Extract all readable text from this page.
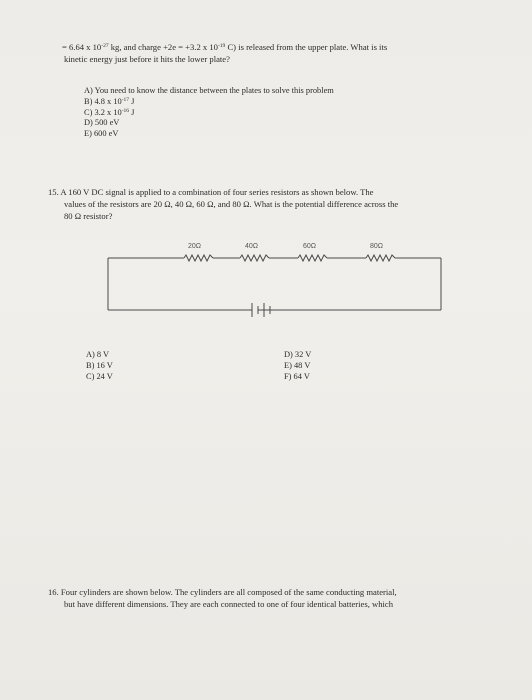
= 6.64 x $10^{-27}$ kg, and charge +2e = +3.2 x $10^{-19}$ C) is released from the upper plate. What is its
kinetic energy just before it hits the lower plate?
A) You need to know the distance between the plates to solve this problem
B) 4.8 x $10^{-17}$ J
C) 3.2 x $10^{-16}$ J
D) 500 eV
E) 600 eV
15. A 160 V DC signal is applied to a combination of four series resistors as shown below. The
values of the resistors are 20 Ω, 40 Ω, 60 Ω, and 80 Ω. What is the potential difference across the
80 Ω resistor?
20Ω	40Ω	60Ω	80Ω
A) 8 V
B) 16 V
C) 24 V
D) 32 V
E) 48 V
F) 64 V
16. Four cylinders are shown below. The cylinders are all composed of the same conducting material,
but have different dimensions. They are each connected to one of four identical batteries, which
